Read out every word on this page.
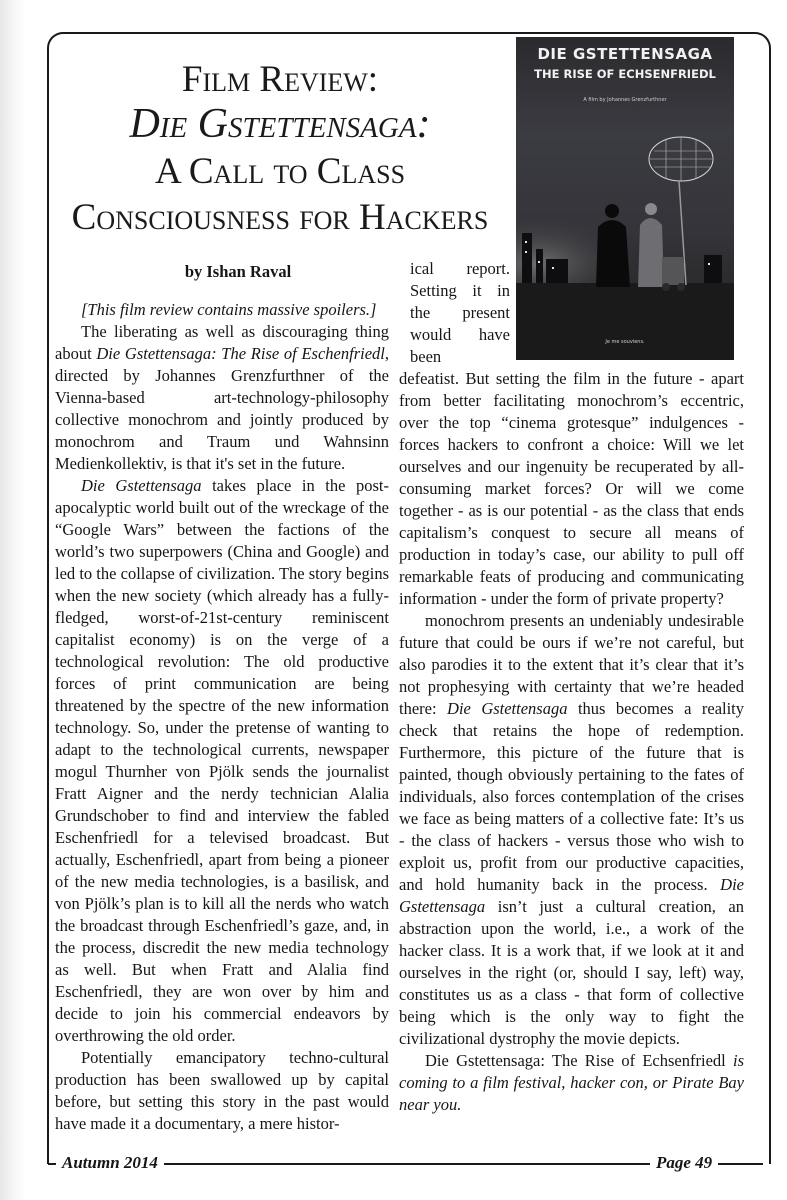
DIE GSTETTENSAGA
THE RISE OF ECHSENFRIEDL
A film by Johannes Grenzfurthner
Je me souviens.
Film Review:
Die Gstettensaga:
A Call to Class
Consciousness for Hackers
by Ishan Raval

[This film review contains massive spoilers.]

The liberating as well as discouraging thing about Die Gstettensaga: The Rise of Eschenfriedl, directed by Johannes Grenzfurthner of the Vienna-based art-technology-philosophy collective monochrom and jointly produced by monochrom and Traum und Wahnsinn Medienkollektiv, is that it's set in the future.

Die Gstettensaga takes place in the post-apocalyptic world built out of the wreckage of the “Google Wars” between the factions of the world’s two superpowers (China and Google) and led to the collapse of civilization. The story begins when the new society (which already has a fully-fledged, worst-of-21st-century reminiscent capitalist economy) is on the verge of a technological revolution: The old productive forces of print communication are being threatened by the spectre of the new information technology. So, under the pretense of wanting to adapt to the technological currents, newspaper mogul Thurnher von Pjölk sends the journalist Fratt Aigner and the nerdy technician Alalia Grundschober to find and interview the fabled Eschenfriedl for a televised broadcast. But actually, Eschenfriedl, apart from being a pioneer of the new media technologies, is a basilisk, and von Pjölk’s plan is to kill all the nerds who watch the broadcast through Eschenfriedl’s gaze, and, in the process, discredit the new media technology as well. But when Fratt and Alalia find Eschenfriedl, they are won over by him and decide to join his commercial endeavors by overthrowing the old order.

Potentially emancipatory techno-cultural production has been swallowed up by capital before, but setting this story in the past would have made it a documentary, a mere histor-

ical report. Setting it in the present would have been

defeatist. But setting the film in the future - apart from better facilitating monochrom’s eccentric, over the top “cinema grotesque” indulgences - forces hackers to confront a choice: Will we let ourselves and our ingenuity be recuperated by all-consuming market forces? Or will we come together - as is our potential - as the class that ends capitalism’s conquest to secure all means of production in today’s case, our ability to pull off remarkable feats of producing and communicating information - under the form of private property?

monochrom presents an undeniably undesirable future that could be ours if we’re not careful, but also parodies it to the extent that it’s clear that it’s not prophesying with certainty that we’re headed there: Die Gstettensaga thus becomes a reality check that retains the hope of redemption. Furthermore, this picture of the future that is painted, though obviously pertaining to the fates of individuals, also forces contemplation of the crises we face as being matters of a collective fate: It’s us - the class of hackers - versus those who wish to exploit us, profit from our productive capacities, and hold humanity back in the process. Die Gstettensaga isn’t just a cultural creation, an abstraction upon the world, i.e., a work of the hacker class. It is a work that, if we look at it and ourselves in the right (or, should I say, left) way, constitutes us as a class - that form of collective being which is the only way to fight the civilizational dystrophy the movie depicts.

Die Gstettensaga: The Rise of Echsenfriedl is coming to a film festival, hacker con, or Pirate Bay near you.

Autumn 2014	Page 49
